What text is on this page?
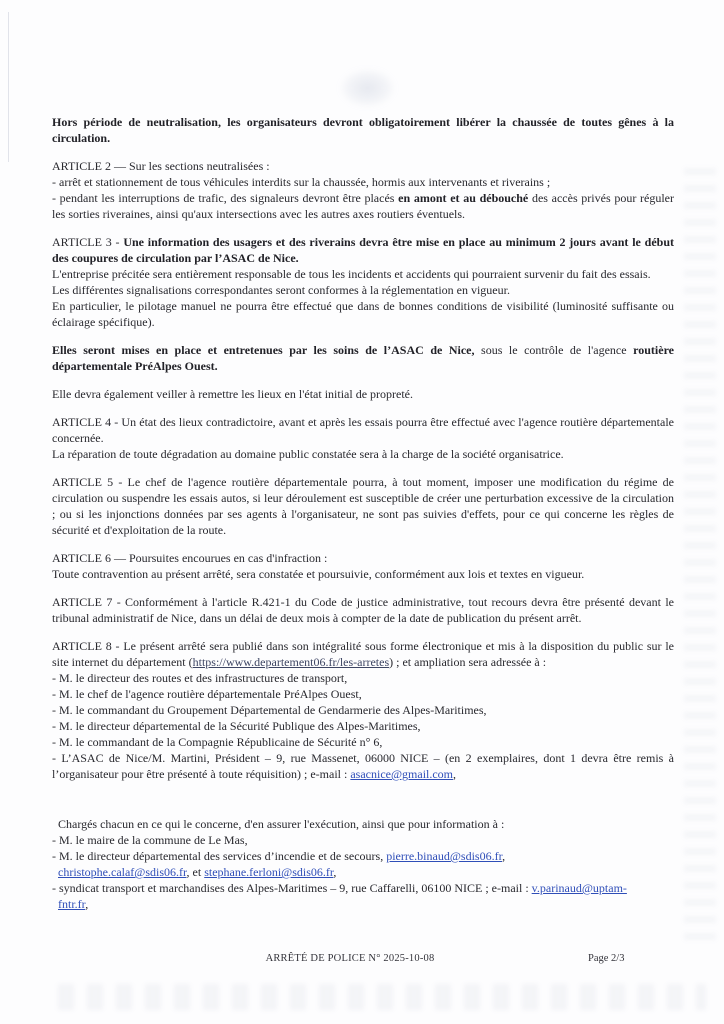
Hors période de neutralisation, les organisateurs devront obligatoirement libérer la chaussée de toutes gênes à la circulation.

ARTICLE 2 — Sur les sections neutralisées :

- arrêt et stationnement de tous véhicules interdits sur la chaussée, hormis aux intervenants et riverains ;

- pendant les interruptions de trafic, des signaleurs devront être placés en amont et au débouché des accès privés pour réguler les sorties riveraines, ainsi qu'aux intersections avec les autres axes routiers éventuels.

ARTICLE 3 - Une information des usagers et des riverains devra être mise en place au minimum 2 jours avant le début des coupures de circulation par l’ASAC de Nice.

L'entreprise précitée sera entièrement responsable de tous les incidents et accidents qui pourraient survenir du fait des essais.

Les différentes signalisations correspondantes seront conformes à la réglementation en vigueur.

En particulier, le pilotage manuel ne pourra être effectué que dans de bonnes conditions de visibilité (luminosité suffisante ou éclairage spécifique).

Elles seront mises en place et entretenues par les soins de l’ASAC de Nice, sous le contrôle de l'agence routière départementale PréAlpes Ouest.

Elle devra également veiller à remettre les lieux en l'état initial de propreté.

ARTICLE 4 - Un état des lieux contradictoire, avant et après les essais pourra être effectué avec l'agence routière départementale concernée.

La réparation de toute dégradation au domaine public constatée sera à la charge de la société organisatrice.

ARTICLE 5 - Le chef de l'agence routière départementale pourra, à tout moment, imposer une modification du régime de circulation ou suspendre les essais autos, si leur déroulement est susceptible de créer une perturbation excessive de la circulation ; ou si les injonctions données par ses agents à l'organisateur, ne sont pas suivies d'effets, pour ce qui concerne les règles de sécurité et d'exploitation de la route.

ARTICLE 6 — Poursuites encourues en cas d'infraction :

Toute contravention au présent arrêté, sera constatée et poursuivie, conformément aux lois et textes en vigueur.

ARTICLE 7 - Conformément à l'article R.421-1 du Code de justice administrative, tout recours devra être présenté devant le tribunal administratif de Nice, dans un délai de deux mois à compter de la date de publication du présent arrêt.

ARTICLE 8 - Le présent arrêté sera publié dans son intégralité sous forme électronique et mis à la disposition du public sur le site internet du département (https://www.departement06.fr/les-arretes) ; et ampliation sera adressée à :

- M. le directeur des routes et des infrastructures de transport,

- M. le chef de l'agence routière départementale PréAlpes Ouest,

- M. le commandant du Groupement Départemental de Gendarmerie des Alpes-Maritimes,

- M. le directeur départemental de la Sécurité Publique des Alpes-Maritimes,

- M. le commandant de la Compagnie Républicaine de Sécurité n° 6,

- L’ASAC de Nice/M. Martini, Président – 9, rue Massenet, 06000 NICE – (en 2 exemplaires, dont 1 devra être remis à l’organisateur pour être présenté à toute réquisition) ; e-mail : asacnice@gmail.com,

Chargés chacun en ce qui le concerne, d'en assurer l'exécution, ainsi que pour information à :

- M. le maire de la commune de Le Mas,

- M. le directeur départemental des services d’incendie et de secours, pierre.binaud@sdis06.fr,

christophe.calaf@sdis06.fr, et stephane.ferloni@sdis06.fr,

- syndicat transport et marchandises des Alpes-Maritimes – 9, rue Caffarelli, 06100 NICE ; e-mail : v.parinaud@uptam-

fntr.fr,

ARRÊTÉ DE POLICE N° 2025-10-08	Page 2/3
